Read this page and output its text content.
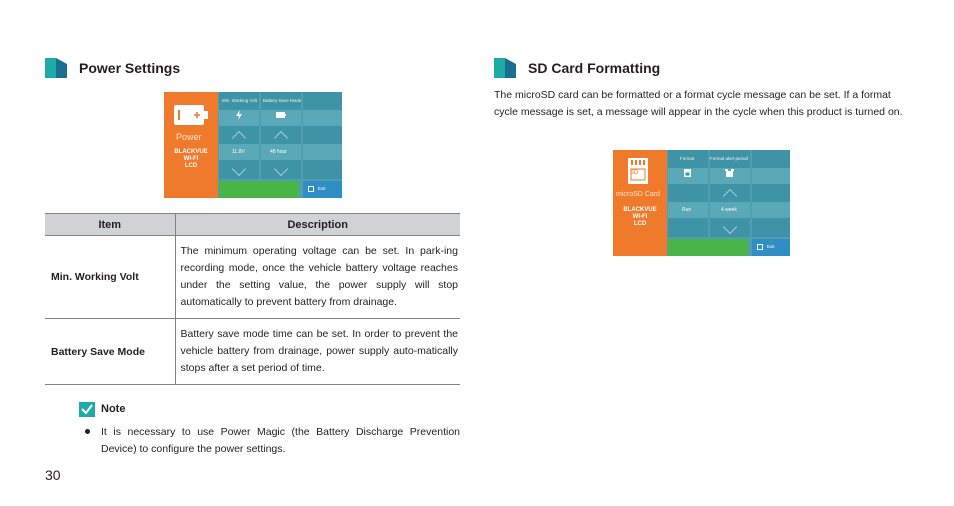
Power Settings
Power
BLACKVUE
WI-FI
LCD
Min. Working Volt
11.8V
Battery Save Mode
48 hour
Exit
Item	Description
Min. Working Volt	The minimum operating voltage can be set. In park-ing recording mode, once the vehicle battery voltage reaches under the setting value, the power supply will stop automatically to prevent battery from drainage.
Battery Save Mode	Battery save mode time can be set. In order to prevent the vehicle battery from drainage, power supply auto-matically stops after a set period of time.
Note
It is necessary to use Power Magic (the Battery Discharge Prevention Device) to configure the power settings.
SD Card Formatting
The microSD card can be formatted or a format cycle message can be set. If a format cycle message is set, a message will appear in the cycle when this product is turned on.
SD
microSD Card
BLACKVUE
WI-FI
LCD
Format
Run
Format alert period
4 week
Exit
30
